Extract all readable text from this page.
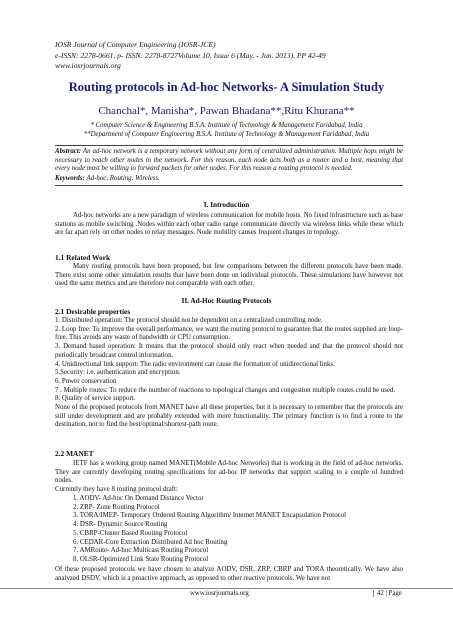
IOSR Journal of Computer Engineering (IOSR-JCE)
e-ISSN: 2278-0661, p- ISSN: 2278-8727Volume 10, Issue 6 (May. - Jun. 2013), PP 42-49
www.iosrjournals.org
Routing protocols in Ad-hoc Networks- A Simulation Study
Chanchal*, Manisha*, Pawan Bhadana**,Ritu Khurana**
* Computer Science & Engineering B.S.A. Institute of Technology & Management Faridabad, India
**Department of Computer Engineering B.S.A. Institute of Technology & Management Faridabad, India
Abstract: An ad-hoc network is a temporary network without any form of centralized administration. Multiple hops might be necessary to reach other nodes in the network. For this reason, each node acts both as a router and a host, meaning that every node must be willing to forward packets for other nodes. For this reason a routing protocol is needed.
Keywords: Ad-hoc, Routing, Wireless.
I. Introduction
Ad-hoc networks are a new paradigm of wireless communication for mobile hosts. No fixed infrastructure such as base stations as mobile switching .Nodes within each other radio range communicate directly via wireless links while these which are far apart rely on other nodes to relay messages. Node mobility causes frequent changes in topology.
1.1 Related Work
Many routing protocols have been proposed, but few comparisons between the different protocols have been made. There exist some other simulation results that have been done on individual protocols. These simulations have however not used the same metrics and are therefore not comparable with each other.
II. Ad-Hoc Routing Protocols
2.1 Desirable properties
1. Distributed operation: The protocol should not be dependent on a centralized controlling node.
2. Loop free: To improve the overall performance, we want the routing protocol to guarantee that the routes supplied are loop-free. This avoids any waste of bandwidth or CPU consumption.
3. Demand based operation: It means that the protocol should only react when needed and that the protocol should not periodically broadcast control information.
4. Unidirectional link support: The radio environment can cause the formation of unidirectional links.
5.Security: i.e. authentication and encryption.
6. Power conservation
7 . Multiple routes: To reduce the number of reactions to topological changes and congestion multiple routes could be used.
8. Quality of service support.
None of the proposed protocols from MANET have all these properties, but it is necessary to remember that the protocols are still under development and are probably extended with more functionality. The primary function is to find a route to the destination, not to find the best/optimal/shortest-path route.
2.2 MANET
IETF has a working group named MANET(Mobile Ad-hoc Networks) that is working in the field of ad-hoc networks. They are currently developing routing specifications for ad-hoc IP networks that support scaling to a couple of hundred nodes.
Currently they have 8 routing protocol draft:
1. AODV- Ad-hoc On Demand Distance Vector
2. ZRP- Zone Routing Protocol
3. TORA/IMEP- Temporary Ordered Routing Algorithm/ Internet MANET Encapsulation Protocol
4. DSR- Dynamic Source Routing
5. CBRP-Cluster Based Routing Protocol
6. CEDAR-Core Extraction Distributed Ad hoc Routing
7. AMRoute- Ad-hoc Multicast Routing Protocol
8. OLSR-Optimized Link State Routing Protocol
Of these proposed protocols we have chosen to analyze AODV, DSR, ZRP, CBRP and TORA theoretically. We have also analyzed DSDV, which is a proactive approach, as opposed to other reactive protocols. We have not
www.iosrjournals.org	42 | Page
